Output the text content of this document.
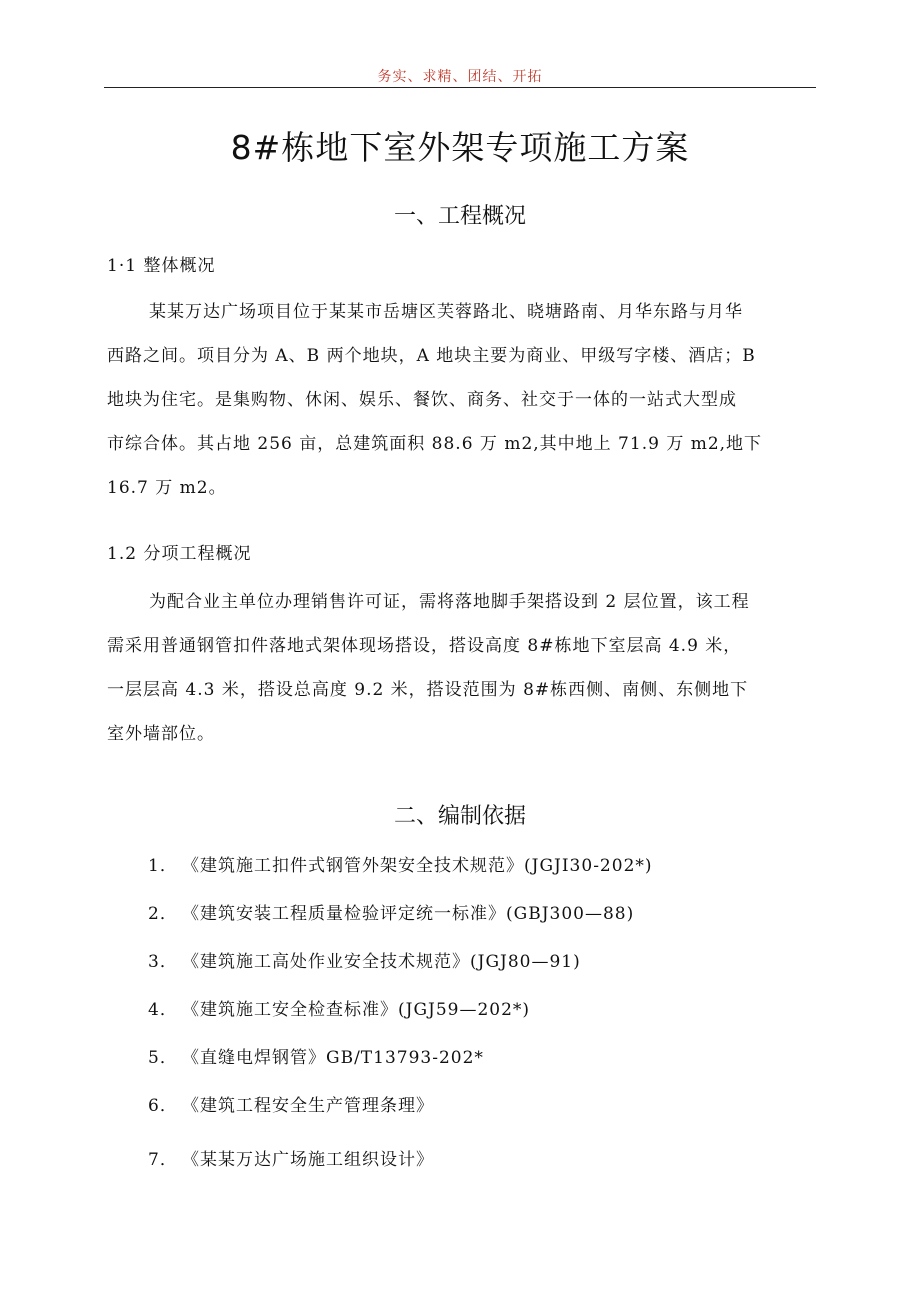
务实、求精、团结、开拓
8#栋地下室外架专项施工方案
一、工程概况
1·1 整体概况
某某万达广场项目位于某某市岳塘区芙蓉路北、晓塘路南、月华东路与月华
西路之间。项目分为 A、B 两个地块，A 地块主要为商业、甲级写字楼、酒店；B
地块为住宅。是集购物、休闲、娱乐、餐饮、商务、社交于一体的一站式大型成
市综合体。其占地 256 亩，总建筑面积 88.6 万 m2,其中地上 71.9 万 m2,地下
16.7 万 m2。
1.2 分项工程概况
为配合业主单位办理销售许可证，需将落地脚手架搭设到 2 层位置，该工程
需采用普通钢管扣件落地式架体现场搭设，搭设高度 8#栋地下室层高 4.9 米，
一层层高 4.3 米，搭设总高度 9.2 米，搭设范围为 8#栋西侧、南侧、东侧地下
室外墙部位。
二、编制依据
1． 《建筑施工扣件式钢管外架安全技术规范》(JGJI30-202*)
2． 《建筑安装工程质量检验评定统一标准》(GBJ300—88)
3． 《建筑施工高处作业安全技术规范》(JGJ80—91)
4． 《建筑施工安全检查标准》(JGJ59—202*)
5． 《直缝电焊钢管》GB/T13793-202*
6． 《建筑工程安全生产管理条理》
7． 《某某万达广场施工组织设计》
